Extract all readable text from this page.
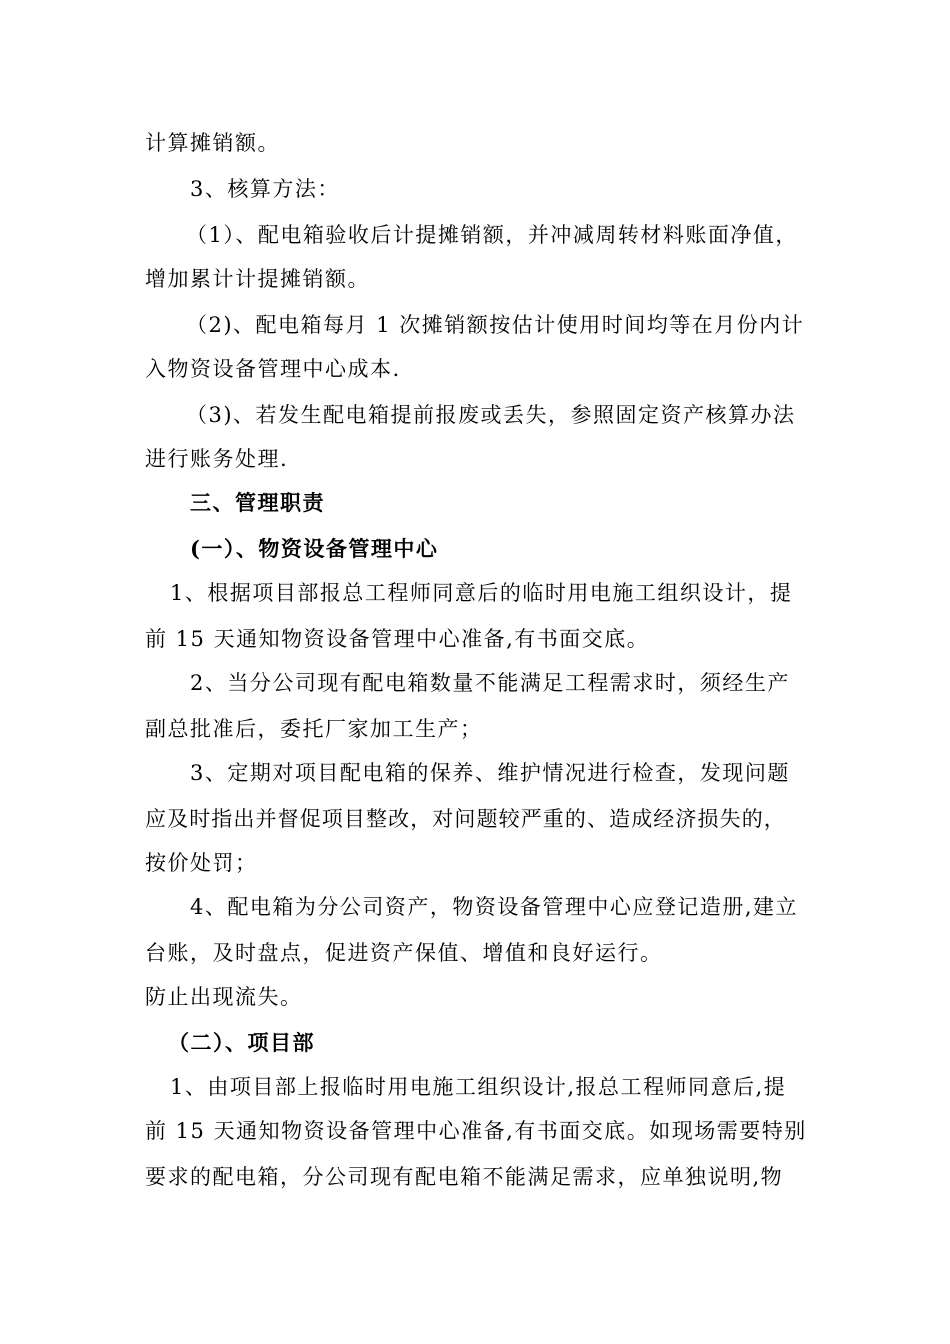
计算摊销额。
3、核算方法：
（1）、配电箱验收后计提摊销额，并冲减周转材料账面净值，
增加累计计提摊销额。
（2)、配电箱每月 1 次摊销额按估计使用时间均等在月份内计
入物资设备管理中心成本.
（3)、若发生配电箱提前报废或丢失，参照固定资产核算办法
进行账务处理.
三、管理职责
(一）、物资设备管理中心
1、根据项目部报总工程师同意后的临时用电施工组织设计，提
前 15 天通知物资设备管理中心准备,有书面交底。
2、当分公司现有配电箱数量不能满足工程需求时，须经生产
副总批准后，委托厂家加工生产；
3、定期对项目配电箱的保养、维护情况进行检查，发现问题
应及时指出并督促项目整改，对问题较严重的、造成经济损失的，
按价处罚；
4、配电箱为分公司资产，物资设备管理中心应登记造册,建立
台账，及时盘点，促进资产保值、增值和良好运行。
防止出现流失。
（二）、项目部
1、由项目部上报临时用电施工组织设计,报总工程师同意后,提
前 15 天通知物资设备管理中心准备,有书面交底。如现场需要特别
要求的配电箱，分公司现有配电箱不能满足需求，应单独说明,物
